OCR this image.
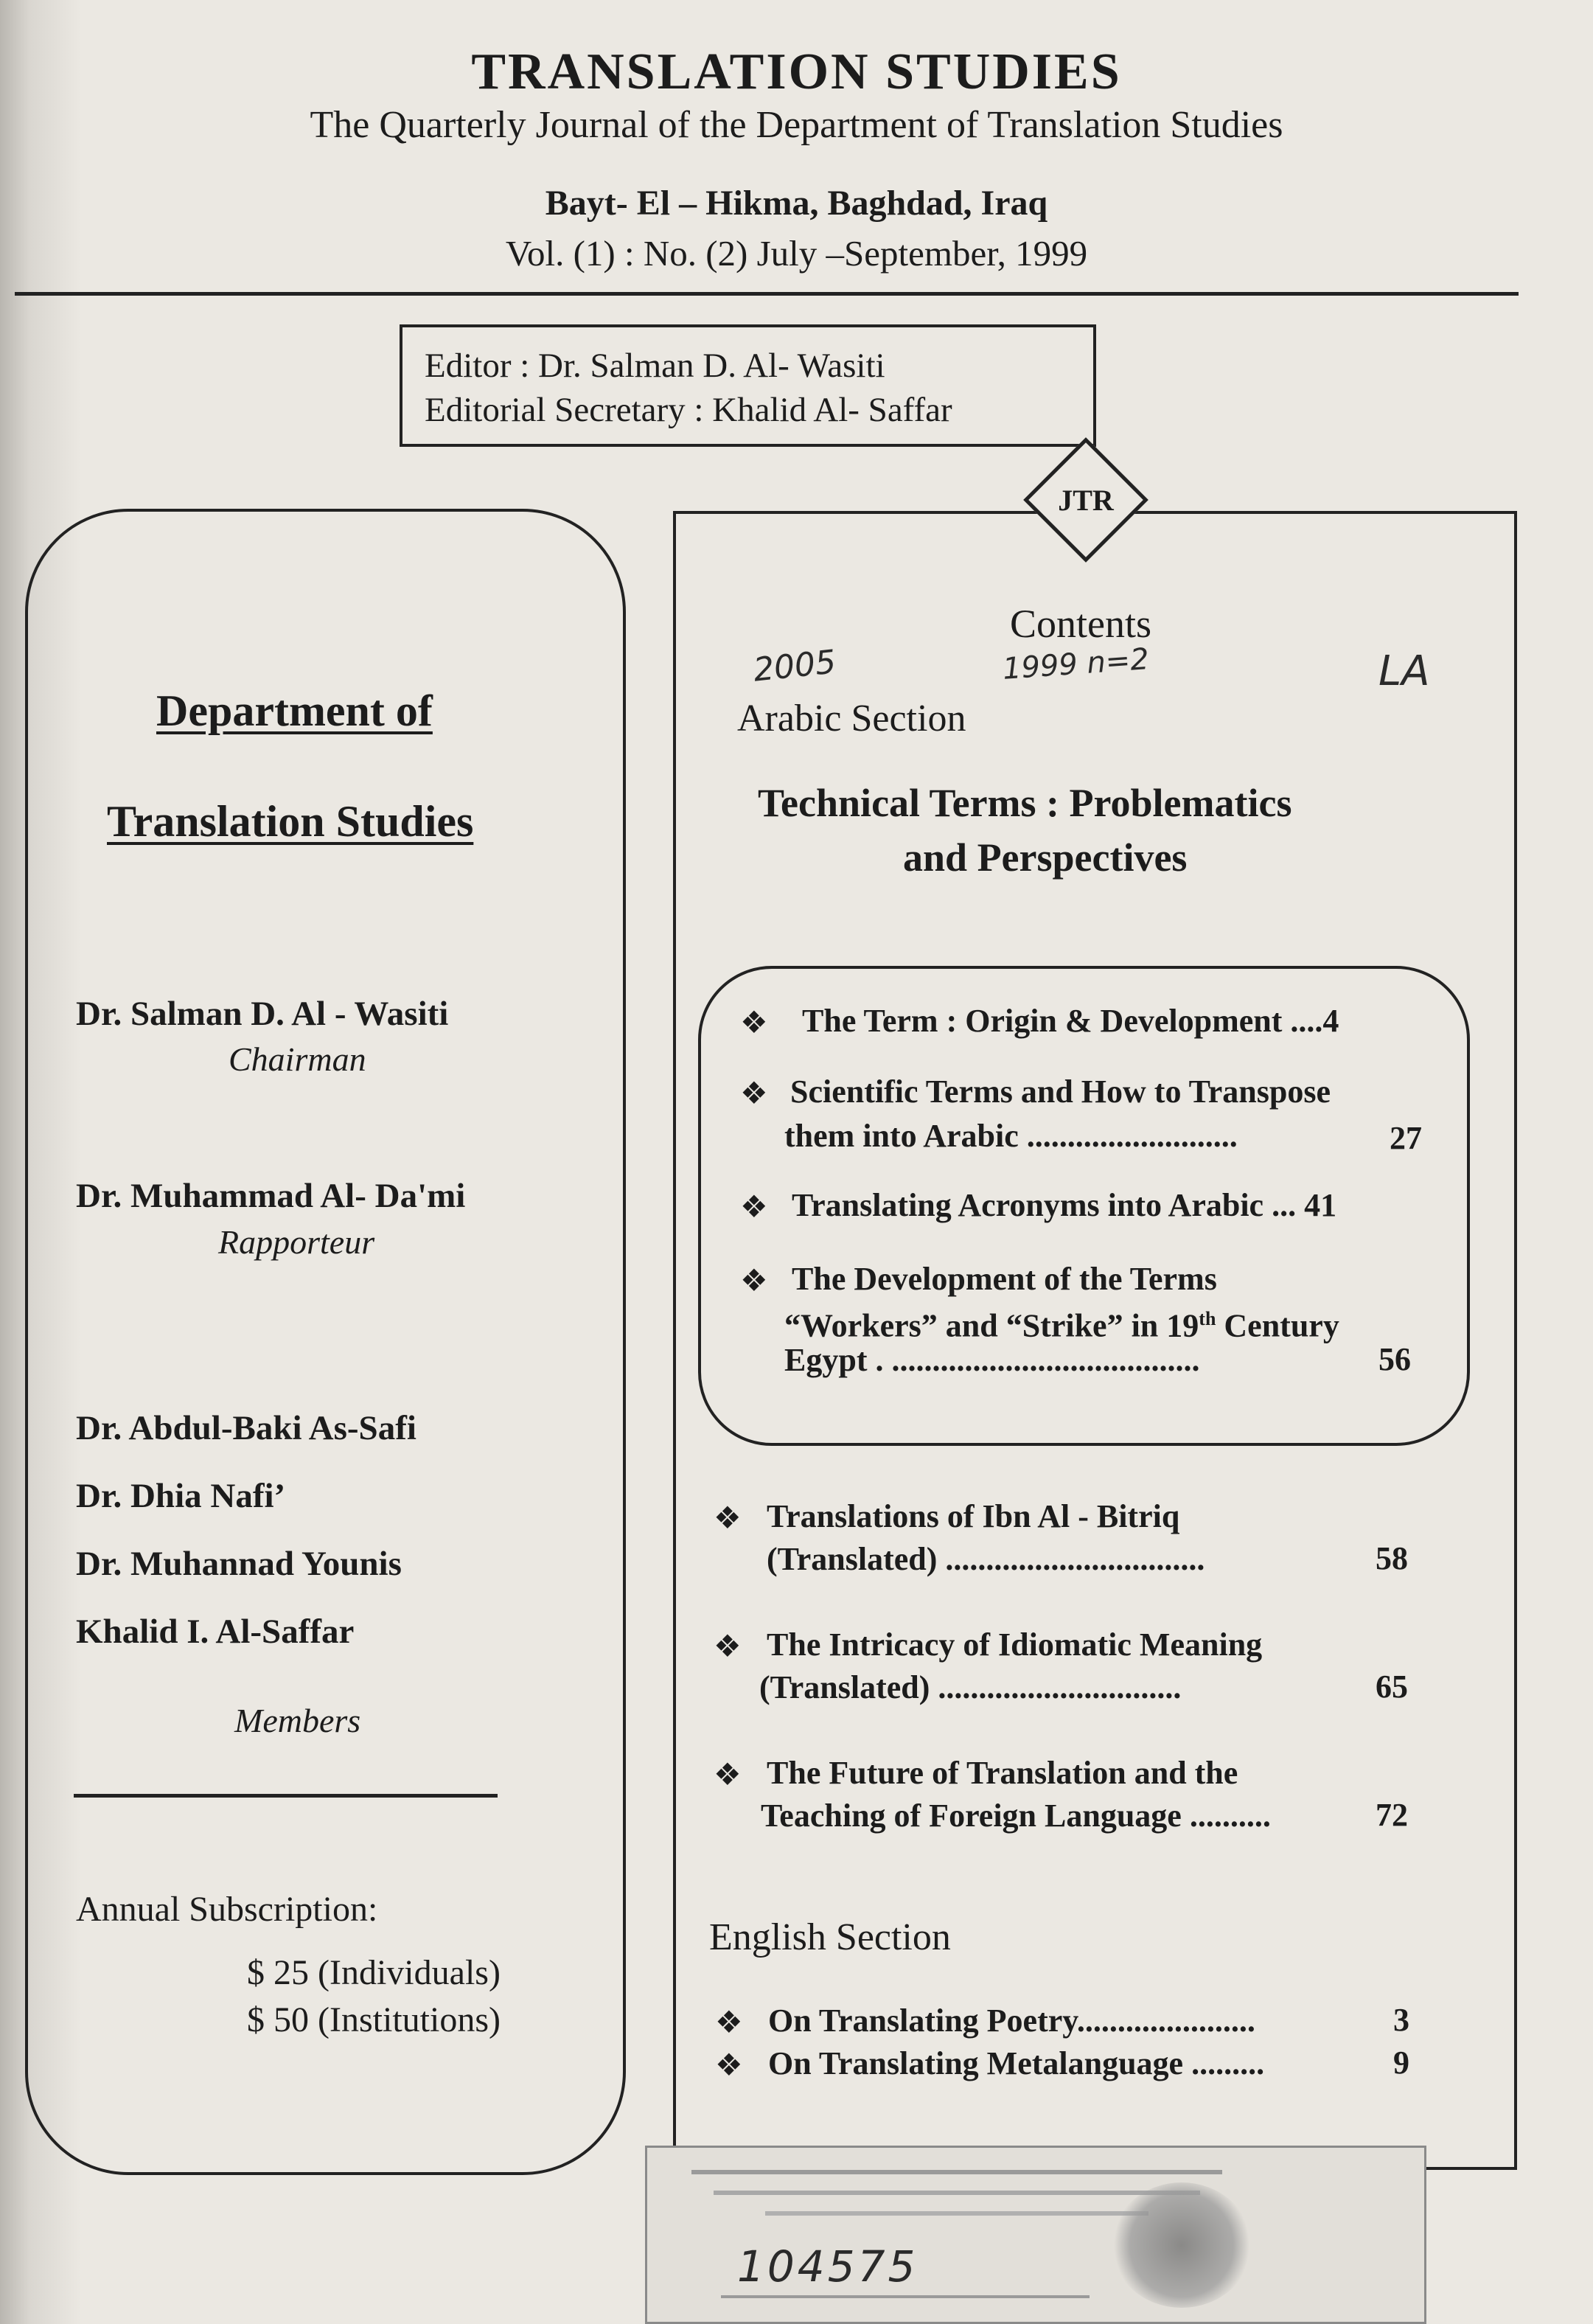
TRANSLATION STUDIES
The Quarterly Journal of the Department of Translation Studies
Bayt- El – Hikma, Baghdad, Iraq
Vol. (1) : No. (2) July –September, 1999
Editor : Dr. Salman D. Al- Wasiti
Editorial Secretary : Khalid Al- Saffar
Department of
Translation Studies
Dr. Salman D. Al - Wasiti
Chairman
Dr. Muhammad Al- Da'mi
Rapporteur
Dr. Abdul-Baki As-Safi
Dr. Dhia Nafi’
Dr. Muhannad Younis
Khalid I. Al-Saffar
Members
Annual Subscription:
$ 25 (Individuals)
$ 50 (Institutions)
JTR
Contents
2005	1999 n=2	LA
Arabic Section
Technical Terms : Problematics
and Perspectives
❖ The Term : Origin & Development ....4
❖ Scientific Terms and How to Transpose
them into Arabic ..........................	27
❖ Translating Acronyms into Arabic ... 41
❖ The Development of the Terms
“Workers” and “Strike” in 19th Century
Egypt . ......................................	56
❖ Translations of Ibn Al - Bitriq
(Translated) ................................	58
❖ The Intricacy of Idiomatic Meaning
(Translated) ..............................	65
❖ The Future of Translation and the
Teaching of Foreign Language ..........	72
English Section
❖ On Translating Poetry......................	3
❖ On Translating Metalanguage .........	9
104575
